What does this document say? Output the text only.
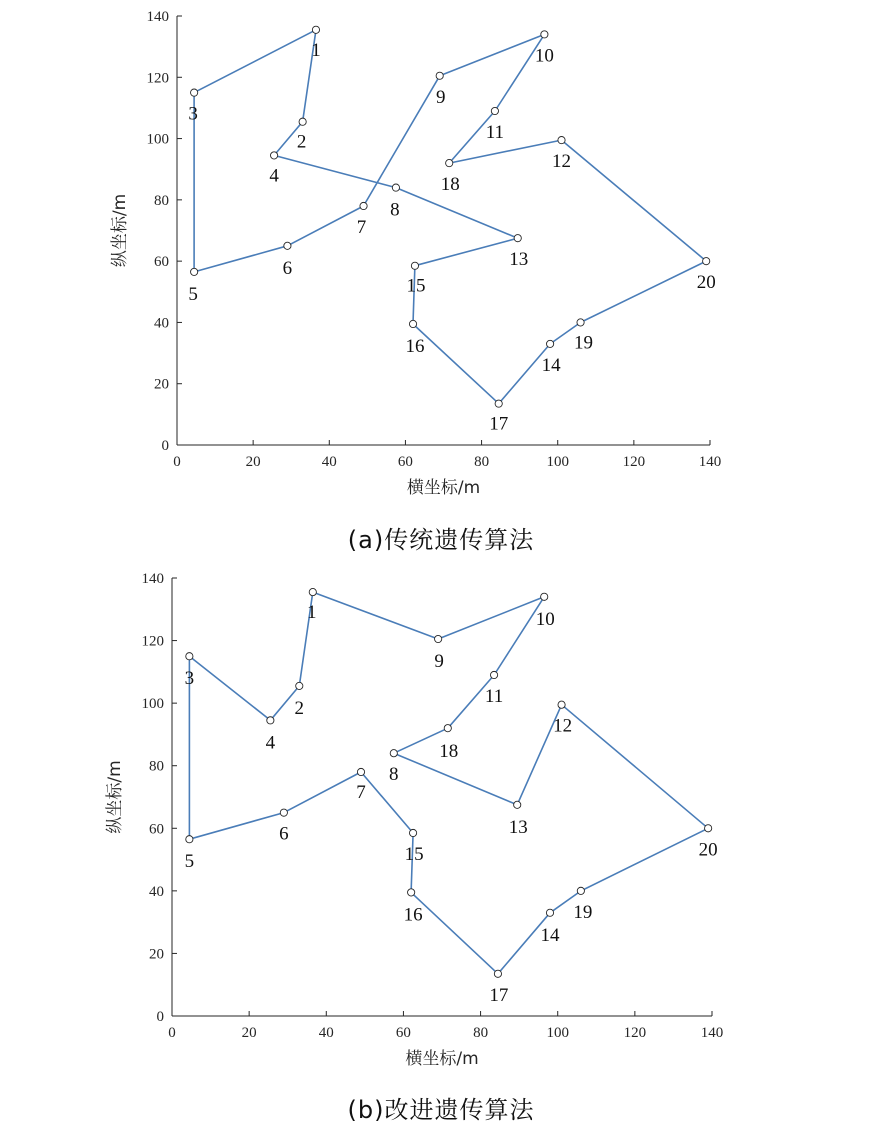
0	20	40	60	80	100	120	140
0
20
40
60
80
100
120
140
横坐标/m
纵坐标/m
1
2
3
4
5
6
7
8
9
10
11
12
13
14
15
16
17
18
19
20
(a)传统遗传算法
0	20	40	60	80	100	120	140
0
20
40
60
80
100
120
140
横坐标/m
纵坐标/m
1
2
3
4
5
6
7
8
9
10
11
12
13
14
15
16
17
18
19
20
(b)改进遗传算法
